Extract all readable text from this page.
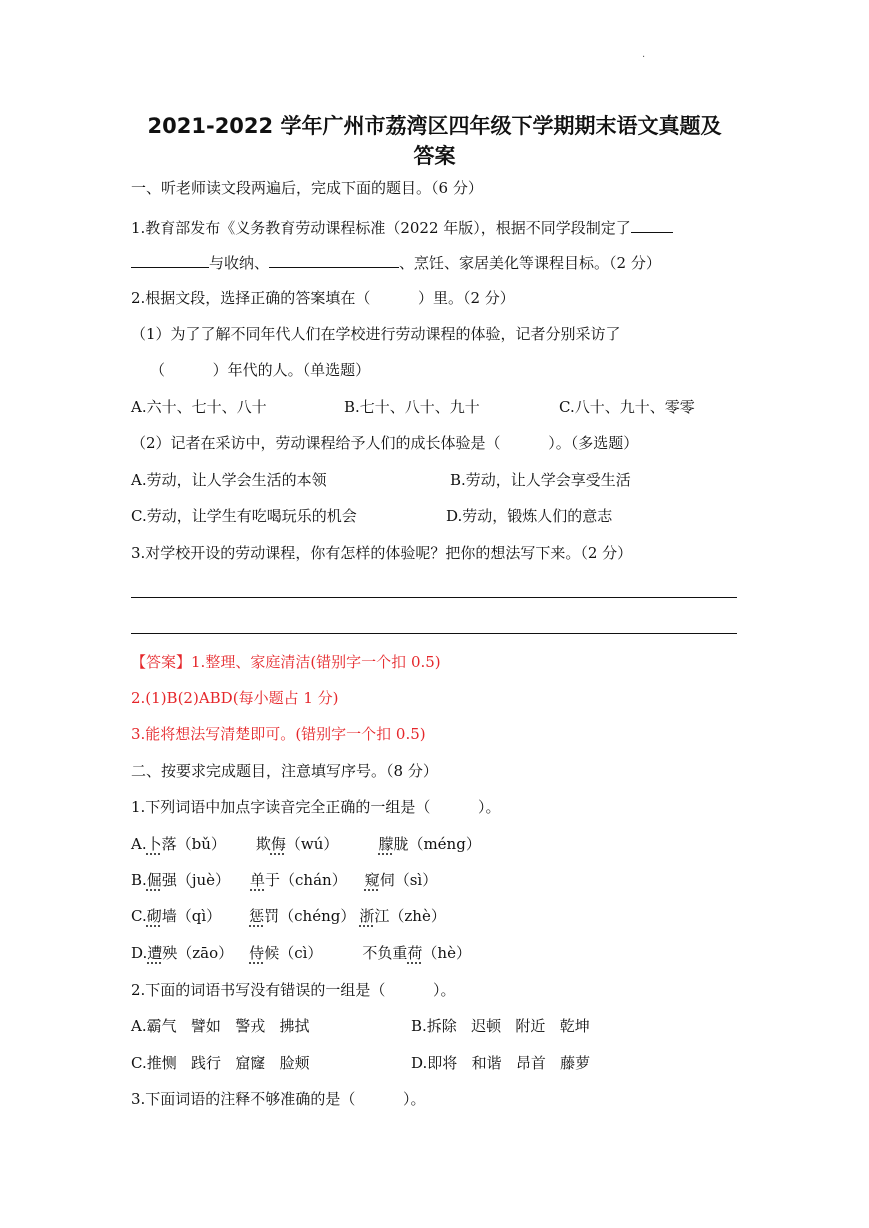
·
2021-2022 学年广州市荔湾区四年级下学期期末语文真题及
答案
一、听老师读文段两遍后，完成下面的题目。（6 分）
1.教育部发布《义务教育劳动课程标准（2022 年版），根据不同学段制定了
与收纳、	、烹饪、家居美化等课程目标。（2 分）
2.根据文段，选择正确的答案填在（          ）里。（2 分）
（1）为了了解不同年代人们在学校进行劳动课程的体验，记者分别采访了
（          ）年代的人。（单选题）
A.六十、七十、八十	B.七十、八十、九十	C.八十、九十、零零
（2）记者在采访中，劳动课程给予人们的成长体验是（          ）。（多选题）
A.劳动，让人学会生活的本领	B.劳动，让人学会享受生活
C.劳动，让学生有吃喝玩乐的机会	D.劳动，锻炼人们的意志
3.对学校开设的劳动课程，你有怎样的体验呢？把你的想法写下来。（2 分）
【答案】1.整理、家庭清洁(错别字一个扣 0.5)
2.(1)B(2)ABD(每小题占 1 分)
3.能将想法写清楚即可。(错别字一个扣 0.5)
二、按要求完成题目，注意填写序号。（8 分）
1.下列词语中加点字读音完全正确的一组是（          ）。
A.卜落（bǔ） 欺侮（wú）	朦胧（méng）
B.倔强（juè） 单于（chán） 窥伺（sì）
C.砌墙（qì） 惩罚（chéng） 浙江（zhè）
D.遭殃（zāo） 侍候（cì）	不负重荷（hè）
2.下面的词语书写没有错误的一组是（          ）。
A.霸气   譬如   警戎   拂拭	B.拆除   迟顿   附近   乾坤
C.推恻   践行   窟窿   脸颊	D.即将   和谐   昂首   藤萝
3.下面词语的注释不够准确的是（          ）。
